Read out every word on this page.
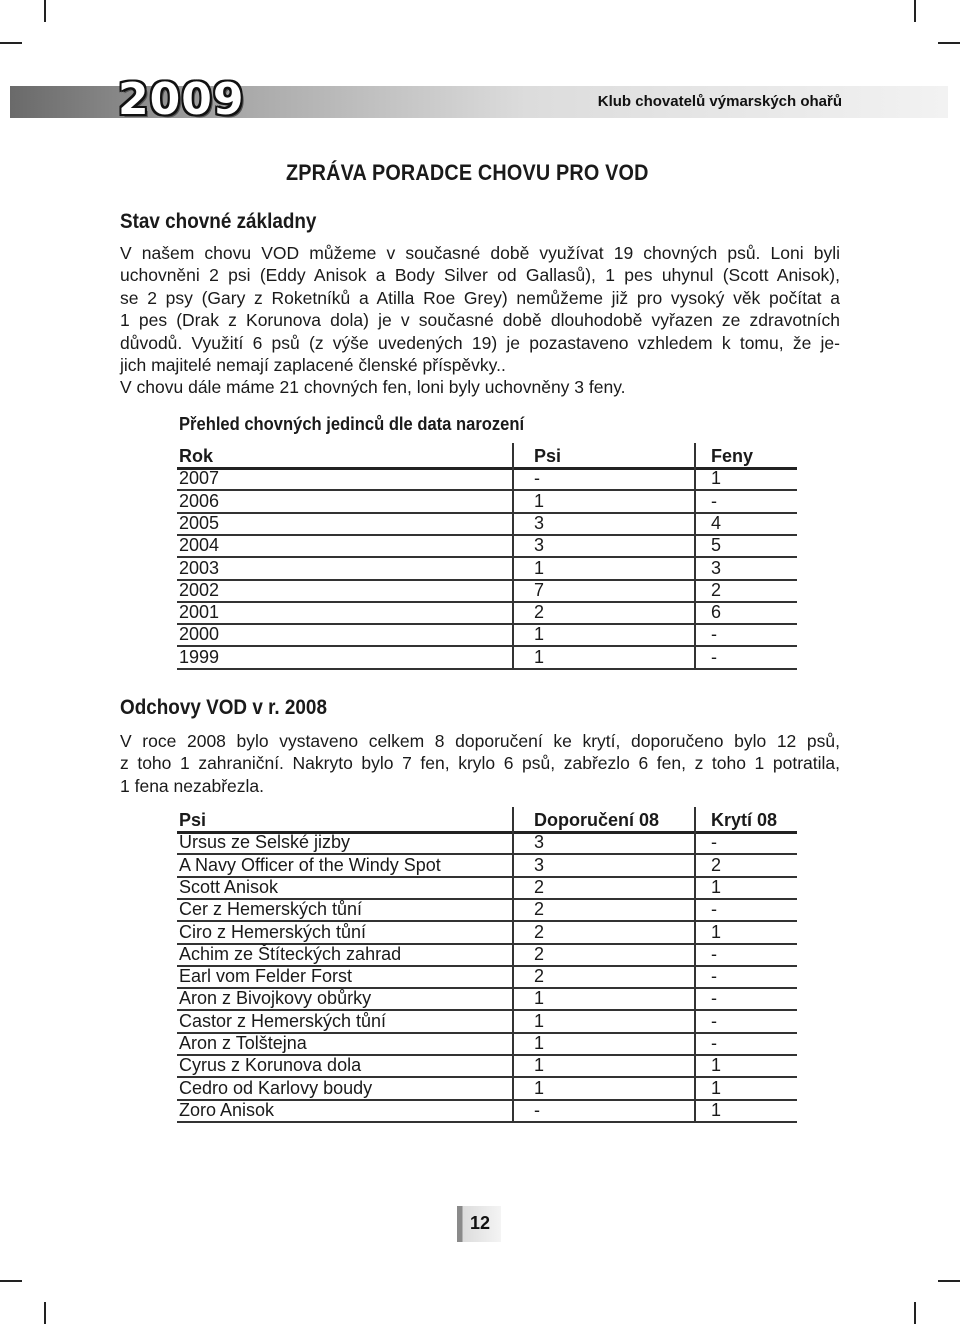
2009	Klub chovatelů výmarských ohařů
ZPRÁVA PORADCE CHOVU PRO VOD
Stav chovné základny
V našem chovu VOD můžeme v současné době využívat 19 chovných psů. Loni byli
uchovněni 2 psi (Eddy Anisok a Body Silver od Gallasů), 1 pes uhynul (Scott Anisok),
se 2 psy (Gary z Roketníků a Atilla Roe Grey) nemůžeme již pro vysoký věk počítat a
1 pes (Drak z Korunova dola) je v současné době dlouhodobě vyřazen ze zdravotních
důvodů. Využití 6 psů (z výše uvedených 19) je pozastaveno vzhledem k tomu, že je-
jich majitelé nemají zaplacené členské příspěvky..
V chovu dále máme 21 chovných fen, loni byly uchovněny 3 feny.
Přehled chovných jedinců dle data narození
Rok	Psi	Feny
2007	-	1
2006	1	-
2005	3	4
2004	3	5
2003	1	3
2002	7	2
2001	2	6
2000	1	-
1999	1	-
Odchovy VOD v r. 2008
V roce 2008 bylo vystaveno celkem 8 doporučení ke krytí, doporučeno bylo 12 psů,
z toho 1 zahraniční. Nakryto bylo 7 fen, krylo 6 psů, zabřezlo 6 fen, z toho 1 potratila,
1 fena nezabřezla.
Psi	Doporučení 08	Krytí 08
Ursus ze Selské jizby	3	-
A Navy Officer of the Windy Spot	3	2
Scott Anisok	2	1
Cer z Hemerských tůní	2	-
Ciro z Hemerských tůní	2	1
Achim ze Štíteckých zahrad	2	-
Earl vom Felder Forst	2	-
Aron z Bivojkovy obůrky	1	-
Castor z Hemerských tůní	1	-
Aron z Tolštejna	1	-
Cyrus z Korunova dola	1	1
Cedro od Karlovy boudy	1	1
Zoro Anisok	-	1
12
